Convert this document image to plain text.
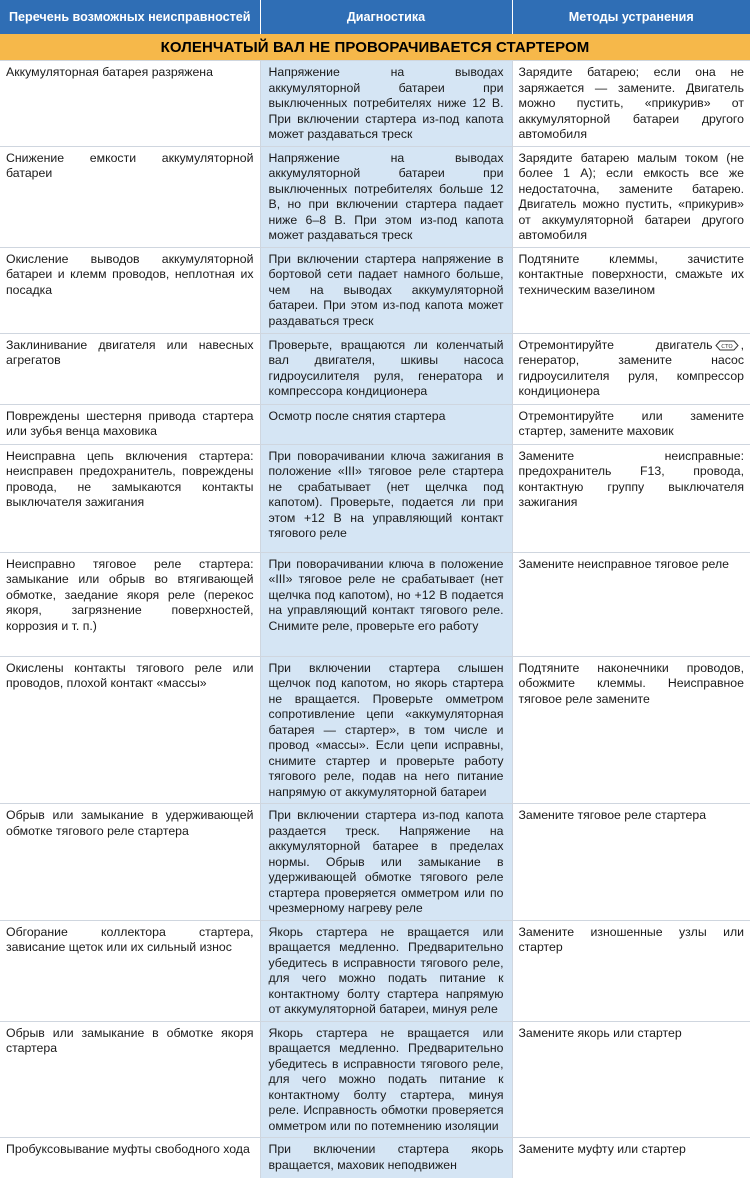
Перечень возможных неисправностей	Диагностика	Методы устранения
КОЛЕНЧАТЫЙ ВАЛ НЕ ПРОВОРАЧИВАЕТСЯ СТАРТЕРОМ		
Аккумуляторная батарея разряжена	Напряжение на выводах аккумуляторной батареи при выключенных потребителях ниже 12 В. При включении стартера из-под капота может раздаваться треск	Зарядите батарею; если она не заряжается — замените. Двигатель можно пустить, «прикурив» от аккумуляторной батареи другого автомобиля
Снижение емкости аккумуляторной батареи	Напряжение на выводах аккумуляторной батареи при выключенных потребителях больше 12 В, но при включении стартера падает ниже 6–8 В. При этом из-под капота может раздаваться треск	Зарядите батарею малым током (не более 1 А); если емкость все же недостаточна, замените батарею. Двигатель можно пустить, «прикурив» от аккумуляторной батареи другого автомобиля
Окисление выводов аккумуляторной батареи и клемм проводов, неплотная их посадка	При включении стартера напряжение в бортовой сети падает намного больше, чем на выводах аккумуляторной батареи. При этом из-под капота может раздаваться треск	Подтяните клеммы, зачистите контактные поверхности, смажьте их техническим вазелином
Заклинивание двигателя или навесных агрегатов	Проверьте, вращаются ли коленчатый вал двигателя, шкивы насоса гидроусилителя руля, генератора и компрессора кондиционера	Отремонтируйте двигатель СТО , генератор, замените насос гидроусилителя руля, компрессор кондиционера
Повреждены шестерня привода стартера или зубья венца маховика	Осмотр после снятия стартера	Отремонтируйте или замените стартер, замените маховик
Неисправна цепь включения стартера: неисправен предохранитель, повреждены провода, не замыкаются контакты выключателя зажигания	При поворачивании ключа зажигания в положение «III» тяговое реле стартера не срабатывает (нет щелчка под капотом). Проверьте, подается ли при этом +12 В на управляющий контакт тягового реле	Замените неисправные: предохранитель F13, провода, контактную группу выключателя зажигания
Неисправно тяговое реле стартера: замыкание или обрыв во втягивающей обмотке, заедание якоря реле (перекос якоря, загрязнение поверхностей, коррозия и т. п.)	При поворачивании ключа в положение «III» тяговое реле не срабатывает (нет щелчка под капотом), но +12 В подается на управляющий контакт тягового реле. Снимите реле, проверьте его работу	Замените неисправное тяговое реле
Окислены контакты тягового реле или проводов, плохой контакт «массы»	При включении стартера слышен щелчок под капотом, но якорь стартера не вращается. Проверьте омметром сопротивление цепи «аккумуляторная батарея — стартер», в том числе и провод «массы». Если цепи исправны, снимите стартер и проверьте работу тягового реле, подав на него питание напрямую от аккумуляторной батареи	Подтяните наконечники проводов, обожмите клеммы. Неисправное тяговое реле замените
Обрыв или замыкание в удерживающей обмотке тягового реле стартера	При включении стартера из-под капота раздается треск. Напряжение на аккумуляторной батарее в пределах нормы. Обрыв или замыкание в удерживающей обмотке тягового реле стартера проверяется омметром или по чрезмерному нагреву реле	Замените тяговое реле стартера
Обгорание коллектора стартера, зависание щеток или их сильный износ	Якорь стартера не вращается или вращается медленно. Предварительно убедитесь в исправности тягового реле, для чего можно подать питание к контактному болту стартера напрямую от аккумуляторной батареи, минуя реле	Замените изношенные узлы или стартер
Обрыв или замыкание в обмотке якоря стартера	Якорь стартера не вращается или вращается медленно. Предварительно убедитесь в исправности тягового реле, для чего можно подать питание к контактному болту стартера, минуя реле. Исправность обмотки проверяется омметром или по потемнению изоляции	Замените якорь или стартер
Пробуксовывание муфты свободного хода	При включении стартера якорь вращается, маховик неподвижен	Замените муфту или стартер
